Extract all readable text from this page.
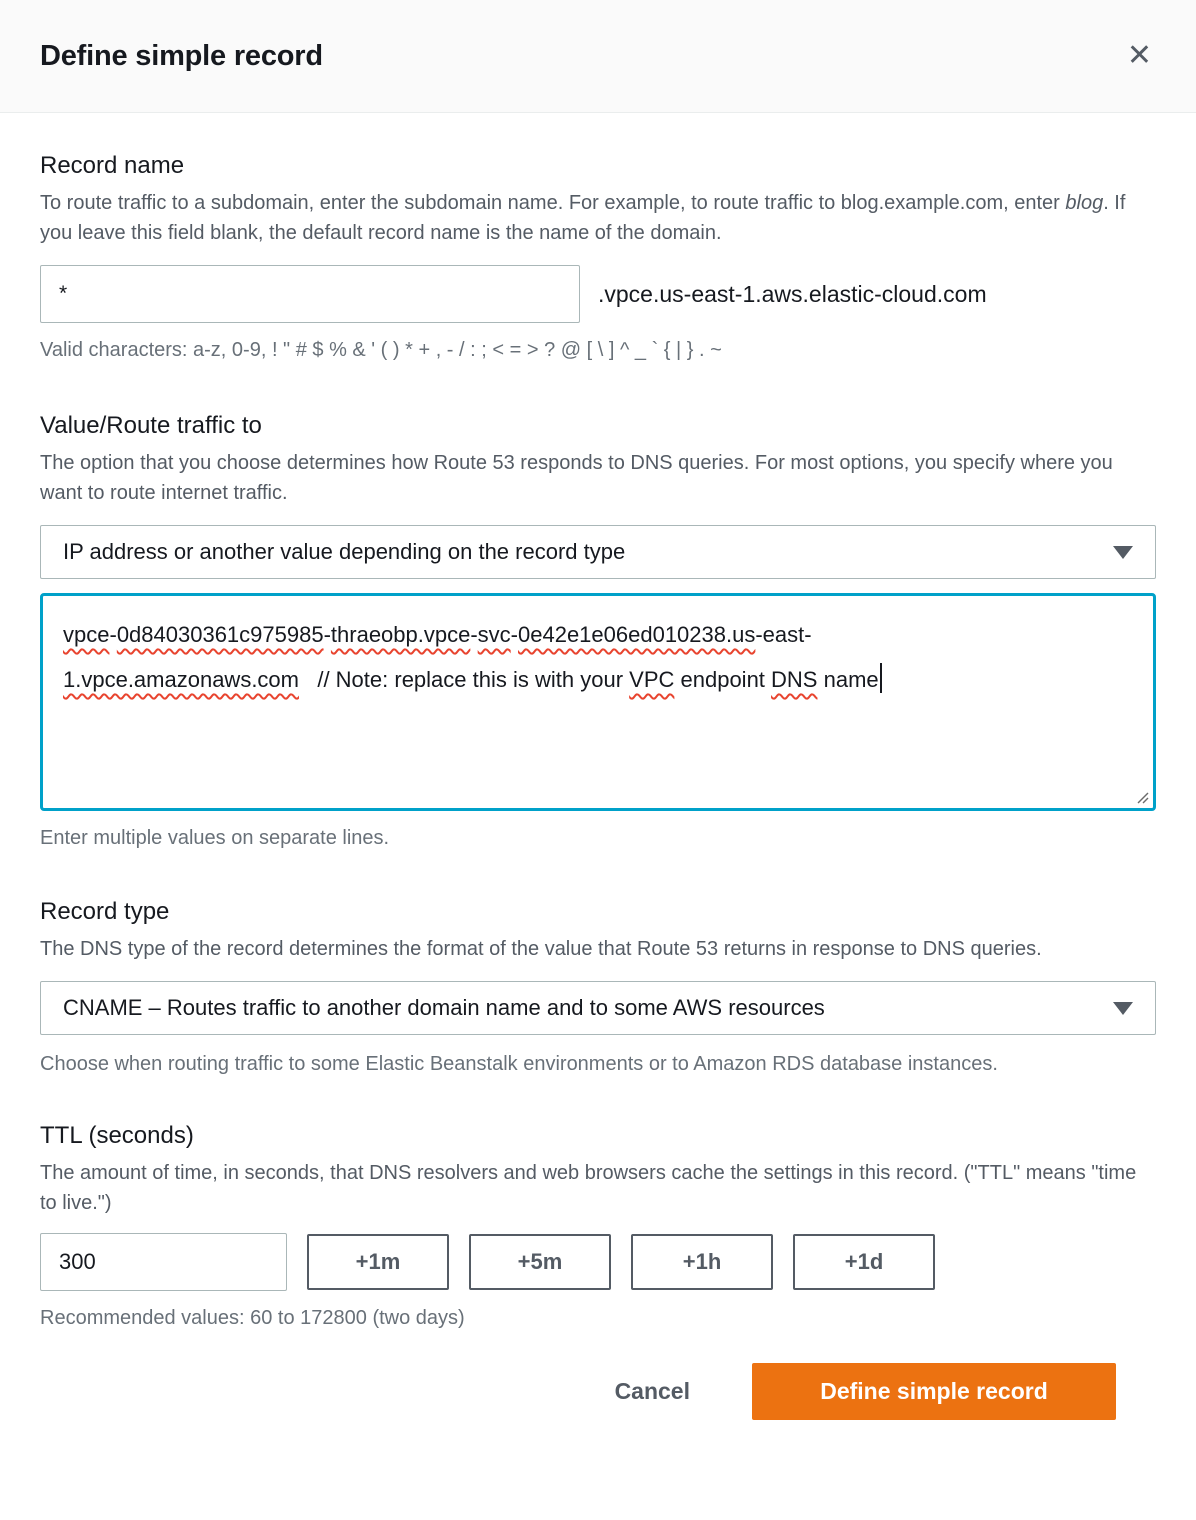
Define simple record	✕
Record name
To route traffic to a subdomain, enter the subdomain name. For example, to route traffic to blog.example.com, enter blog. If you leave this field blank, the default record name is the name of the domain.
*
.vpce.us-east-1.aws.elastic-cloud.com
Valid characters: a-z, 0-9, ! " # $ % & ' ( ) * + , - / : ; < = > ? @ [ \ ] ^ _ ` { | } . ~
Value/Route traffic to
The option that you choose determines how Route 53 responds to DNS queries. For most options, you specify where you want to route internet traffic.
IP address or another value depending on the record type
vpce-0d84030361c975985-thraeobp.vpce-svc-0e42e1e06ed010238.us-east-
1.vpce.amazonaws.com   // Note: replace this is with your VPC endpoint DNS name
Enter multiple values on separate lines.
Record type
The DNS type of the record determines the format of the value that Route 53 returns in response to DNS queries.
CNAME – Routes traffic to another domain name and to some AWS resources
Choose when routing traffic to some Elastic Beanstalk environments or to Amazon RDS database instances.
TTL (seconds)
The amount of time, in seconds, that DNS resolvers and web browsers cache the settings in this record. ("TTL" means "time to live.")
300
+1m	+5m	+1h	+1d
Recommended values: 60 to 172800 (two days)
Cancel	Define simple record
